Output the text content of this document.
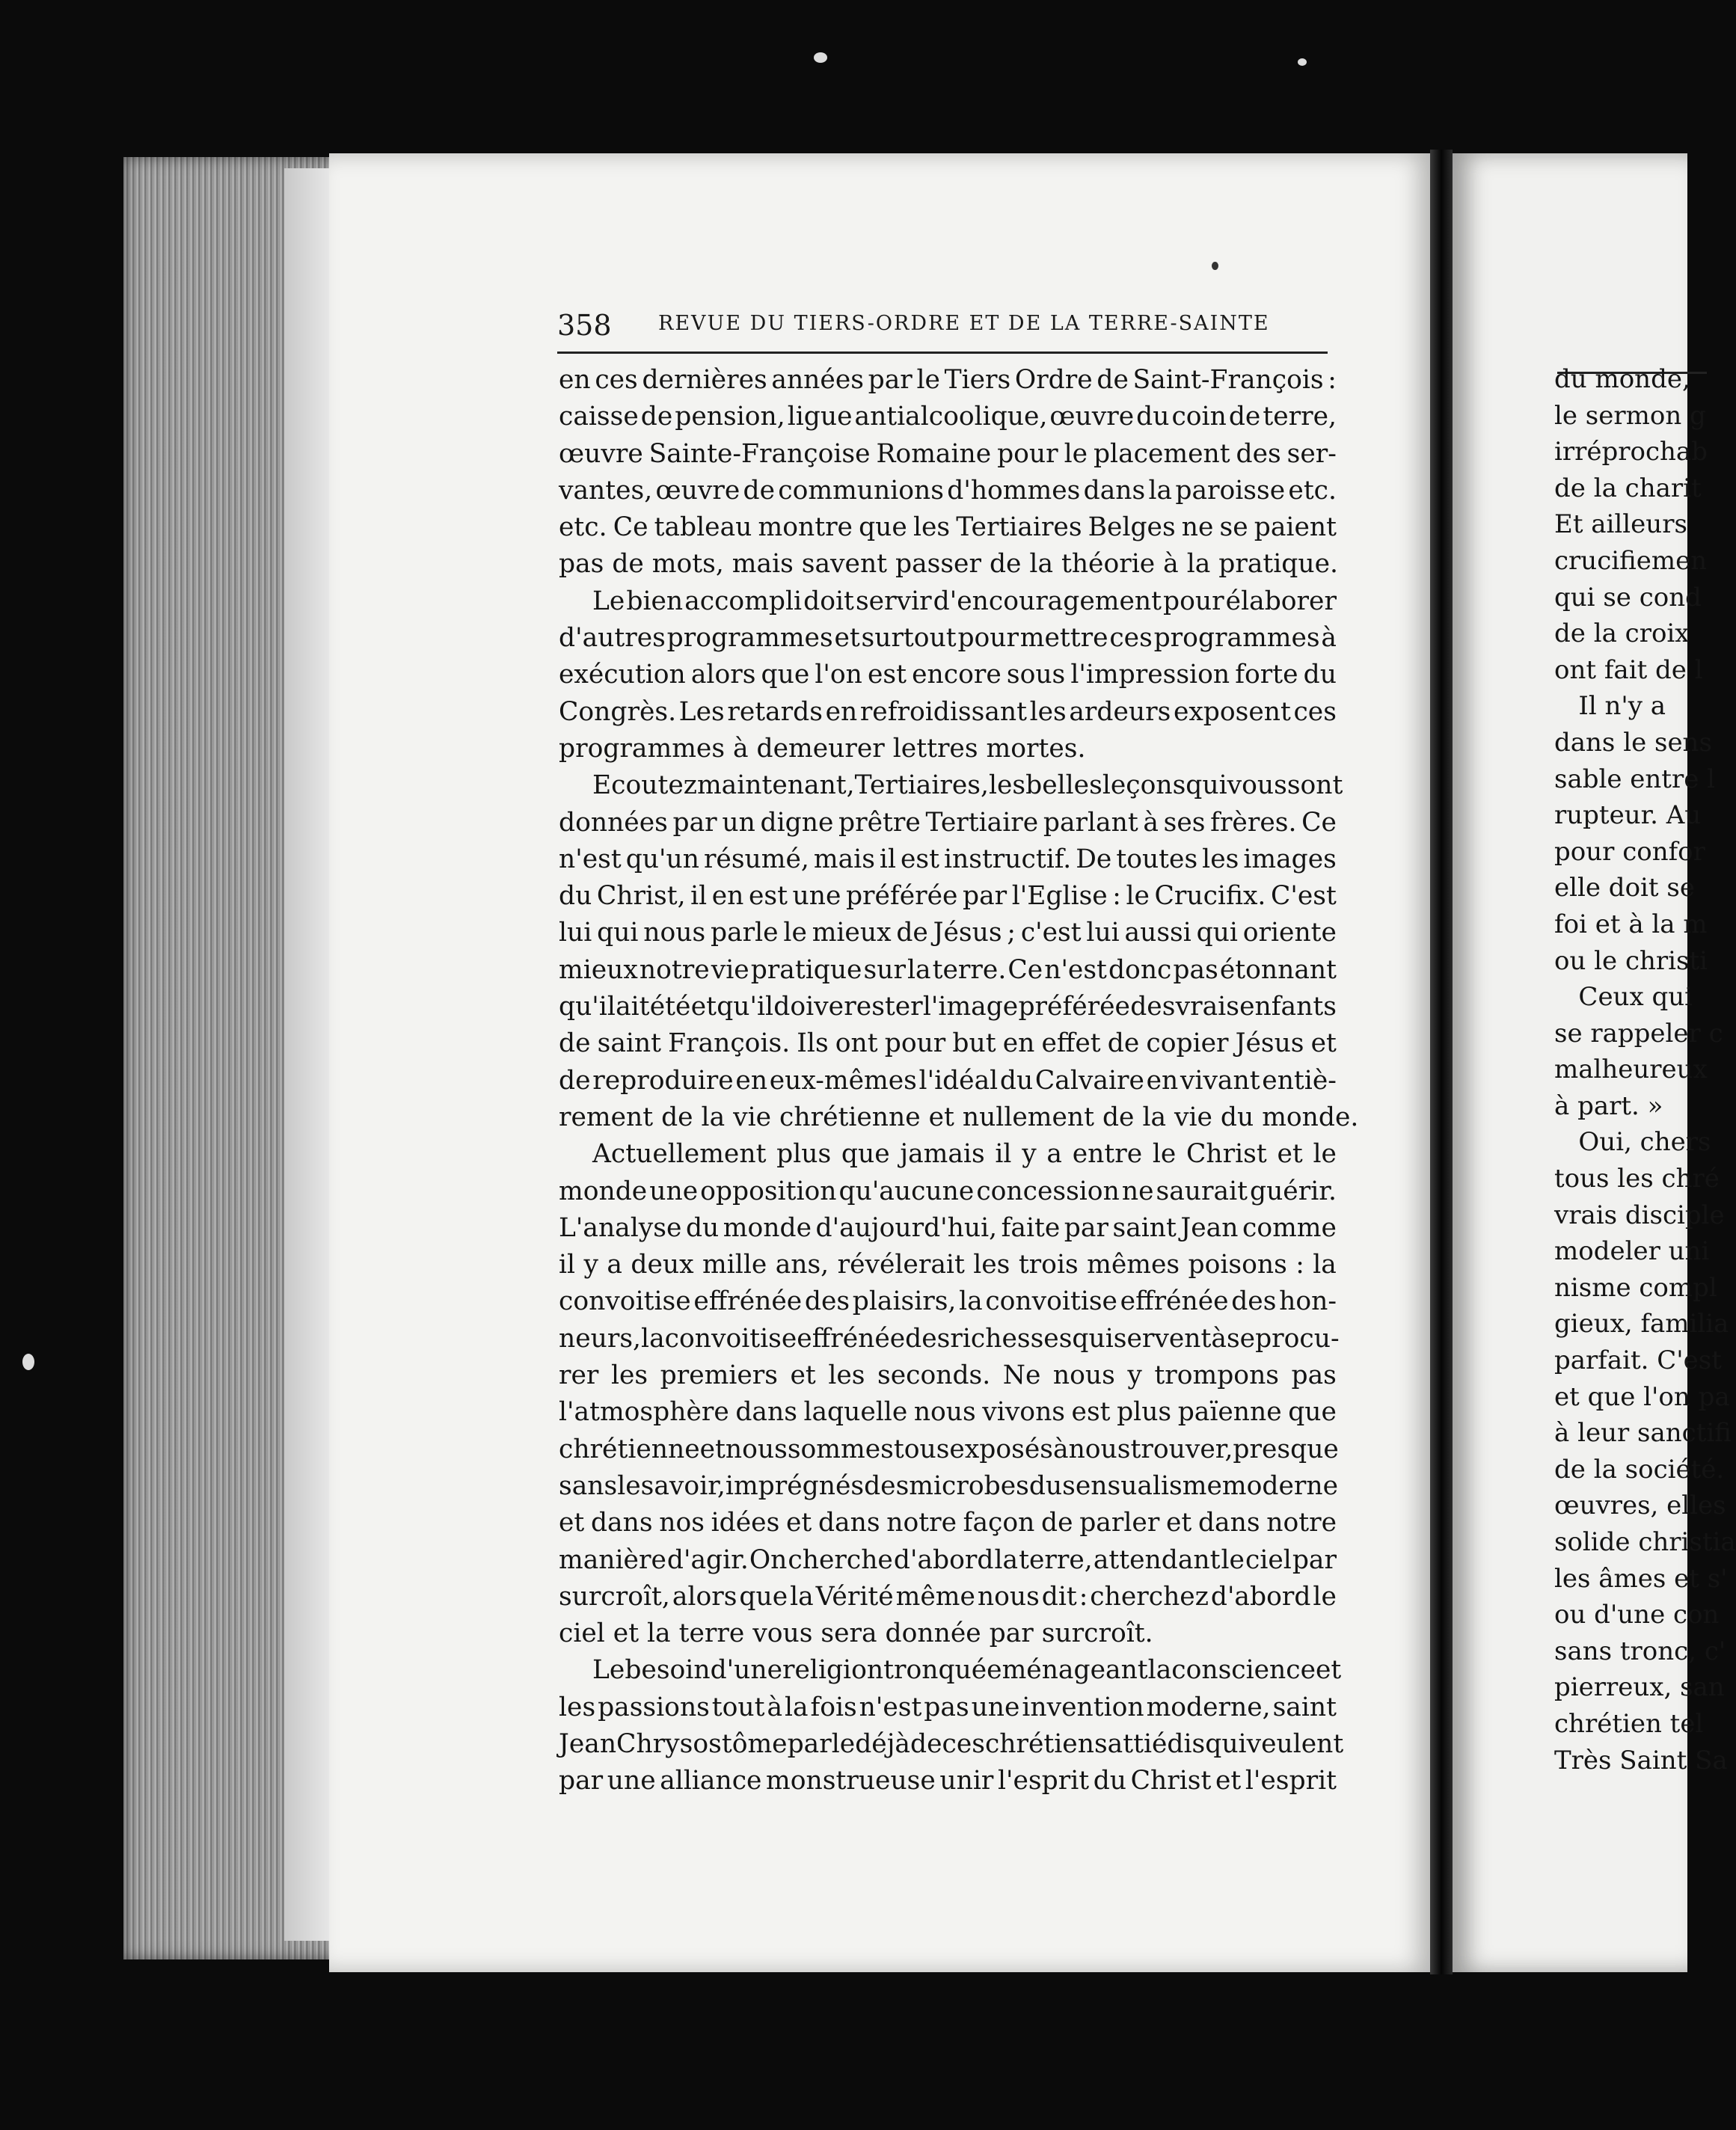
du monde,
le sermon g
irréprochab
de la charit
Et ailleurs
crucifiemen
qui se cond
de la croix
ont fait de l
Il n'y a
dans le sens
sable entre l
rupteur. Au
pour confor
elle doit se
foi et à la m
ou le christi
Ceux qui
se rappeler c
malheureux
à part. »
Oui, chers
tous les chré
vrais disciple
modeler uni
nisme compl
gieux, familia
parfait. C'est
et que l'on pa
à leur sanctifi
de la société.
œuvres, elles
solide christia
les âmes et s'
ou d'une con
sans tronc, c'
pierreux, san
chrétien tel
Très Saint Sa
358 REVUE DU TIERS-ORDRE ET DE LA TERRE-SAINTE
en ces dernières années par le Tiers Ordre de Saint-François :
caisse de pension, ligue antialcoolique, œuvre du coin de terre,
œuvre Sainte-Françoise Romaine pour le placement des ser-
vantes, œuvre de communions d'hommes dans la paroisse etc.
etc. Ce tableau montre que les Tertiaires Belges ne se paient
pas de mots, mais savent passer de la théorie à la pratique.
Le bien accompli doit servir d'encouragement pour élaborer
d'autres programmes et surtout pour mettre ces programmes à
exécution alors que l'on est encore sous l'impression forte du
Congrès. Les retards en refroidissant les ardeurs exposent ces
programmes à demeurer lettres mortes.
Ecoutez maintenant, Tertiaires, les belles leçons qui vous sont
données par un digne prêtre Tertiaire parlant à ses frères. Ce
n'est qu'un résumé, mais il est instructif. De toutes les images
du Christ, il en est une préférée par l'Eglise : le Crucifix. C'est
lui qui nous parle le mieux de Jésus ; c'est lui aussi qui oriente
mieux notre vie pratique sur la terre. Ce n'est donc pas étonnant
qu'il ait été et qu'il doive rester l'image préférée des vrais enfants
de saint François. Ils ont pour but en effet de copier Jésus et
de reproduire en eux-mêmes l'idéal du Calvaire en vivant entiè-
rement de la vie chrétienne et nullement de la vie du monde.
Actuellement plus que jamais il y a entre le Christ et le
monde une opposition qu'aucune concession ne saurait guérir.
L'analyse du monde d'aujourd'hui, faite par saint Jean comme
il y a deux mille ans, révélerait les trois mêmes poisons : la
convoitise effrénée des plaisirs, la convoitise effrénée des hon-
neurs, la convoitise effrénée des richesses qui servent à se procu-
rer les premiers et les seconds. Ne nous y trompons pas
l'atmosphère dans laquelle nous vivons est plus païenne que
chrétienne et nous sommes tous exposés à nous trouver, presque
sans le savoir, imprégnés des microbes du sensualisme moderne
et dans nos idées et dans notre façon de parler et dans notre
manière d'agir. On cherche d'abord la terre, attendant le ciel par
surcroît, alors que la Vérité même nous dit : cherchez d'abord le
ciel et la terre vous sera donnée par surcroît.
Le besoin d'une religion tronquée ménageant la conscience et
les passions tout à la fois n'est pas une invention moderne, saint
Jean Chrysostôme parle déjà de ces chrétiens attiédis qui veulent
par une alliance monstrueuse unir l'esprit du Christ et l'esprit
